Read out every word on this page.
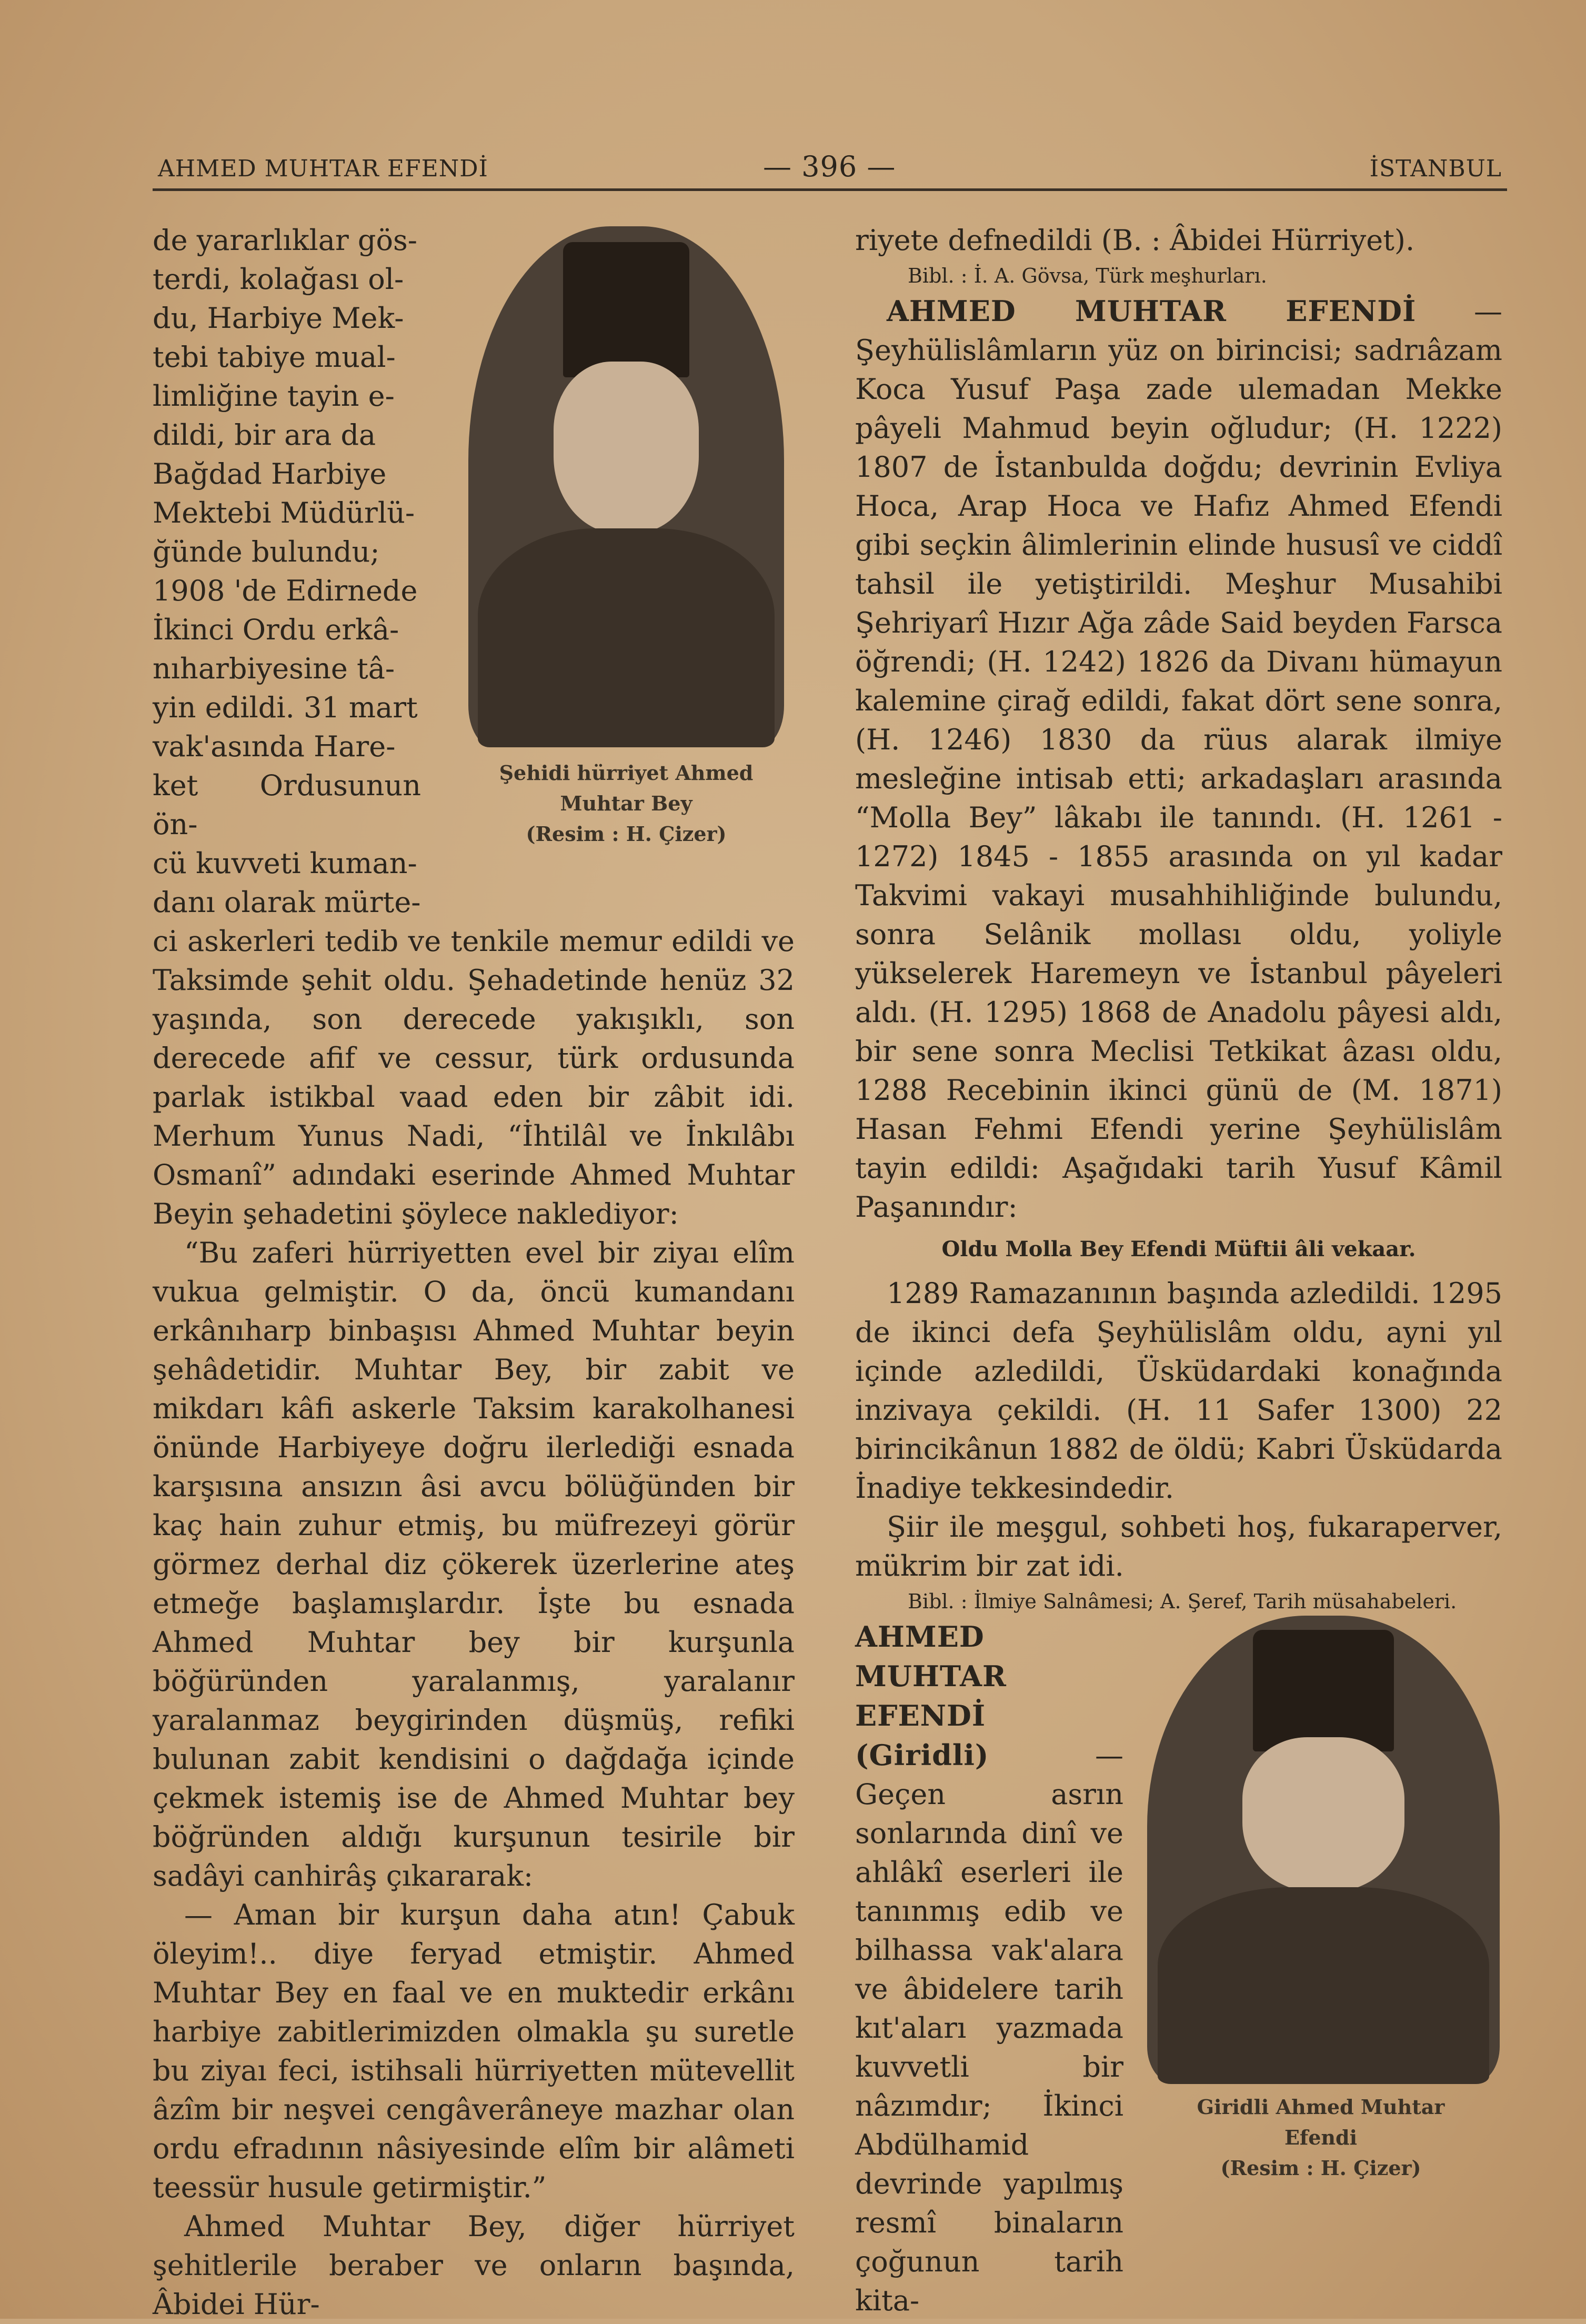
AHMED MUHTAR EFENDİ	— 396 —	İSTANBUL

de yararlıklar gös-

terdi, kolağası ol-

du, Harbiye Mek-

tebi tabiye mual-

limliğine tayin e-

dildi, bir ara da

Bağdad Harbiye

Mektebi Müdürlü-

ğünde bulundu;

1908 'de Edirnede

İkinci Ordu erkâ-

nıharbiyesine tâ-

yin edildi. 31 mart

vak'asında Hare-

ket Ordusunun ön-

cü kuvveti kuman-

danı olarak mürte-

ci askerleri tedib ve tenkile memur edildi ve Taksimde şehit oldu. Şehadetinde henüz 32 yaşında, son derecede yakışıklı, son derecede afif ve cessur, türk ordusunda parlak istikbal vaad eden bir zâbit idi. Merhum Yunus Nadi, “İhtilâl ve İnkılâbı Osmanî” adındaki eserinde Ahmed Muhtar Beyin şehadetini şöylece naklediyor:

“Bu zaferi hürriyetten evel bir ziyaı elîm vukua gelmiştir. O da, öncü kumandanı erkânıharp binbaşısı Ahmed Muhtar beyin şehâdetidir. Muhtar Bey, bir zabit ve mikdarı kâfi askerle Taksim karakolhanesi önünde Harbiyeye doğru ilerlediği esnada karşısına ansızın âsi avcu bölüğünden bir kaç hain zuhur etmiş, bu müfrezeyi görür görmez derhal diz çökerek üzerlerine ateş etmeğe başlamışlardır. İşte bu esnada Ahmed Muhtar bey bir kurşunla böğüründen yaralanmış, yaralanır yaralanmaz beygirinden düşmüş, refiki bulunan zabit kendisini o dağdağa içinde çekmek istemiş ise de Ahmed Muhtar bey böğründen aldığı kurşunun tesirile bir sadâyi canhirâş çıkararak:

— Aman bir kurşun daha atın! Çabuk öleyim!.. diye feryad etmiştir. Ahmed Muhtar Bey en faal ve en muktedir erkânı harbiye zabitlerimizden olmakla şu suretle bu ziyaı feci, istihsali hürriyetten mütevellit âzîm bir neşvei cengâverâneye mazhar olan ordu efradının nâsiyesinde elîm bir alâmeti teessür husule getirmiştir.”

Ahmed Muhtar Bey, diğer hürriyet şehitlerile beraber ve onların başında, Âbidei Hür-

Şehidi hürriyet Ahmed
Muhtar Bey
(Resim : H. Çizer)

riyete defnedildi (B. : Âbidei Hürriyet).

Bibl. : İ. A. Gövsa, Türk meşhurları.

AHMED MUHTAR EFENDİ — Şeyhülislâmların yüz on birincisi; sadrıâzam Koca Yusuf Paşa zade ulemadan Mekke pâyeli Mahmud beyin oğludur; (H. 1222) 1807 de İstanbulda doğdu; devrinin Evliya Hoca, Arap Hoca ve Hafız Ahmed Efendi gibi seçkin âlimlerinin elinde hususî ve ciddî tahsil ile yetiştirildi. Meşhur Musahibi Şehriyarî Hızır Ağa zâde Said beyden Farsca öğrendi; (H. 1242) 1826 da Divanı hümayun kalemine çirağ edildi, fakat dört sene sonra, (H. 1246) 1830 da rüus alarak ilmiye mesleğine intisab etti; arkadaşları arasında “Molla Bey” lâkabı ile tanındı. (H. 1261 - 1272) 1845 - 1855 arasında on yıl kadar Takvimi vakayi musahhihliğinde bulundu, sonra Selânik mollası oldu, yoliyle yükselerek Haremeyn ve İstanbul pâyeleri aldı. (H. 1295) 1868 de Anadolu pâyesi aldı, bir sene sonra Meclisi Tetkikat âzası oldu, 1288 Recebinin ikinci günü de (M. 1871) Hasan Fehmi Efendi yerine Şeyhülislâm tayin edildi: Aşağıdaki tarih Yusuf Kâmil Paşanındır:

Oldu Molla Bey Efendi Müftii âli vekaar.

1289 Ramazanının başında azledildi. 1295 de ikinci defa Şeyhülislâm oldu, ayni yıl içinde azledildi, Üsküdardaki konağında inzivaya çekildi. (H. 11 Safer 1300) 22 birincikânun 1882 de öldü; Kabri Üsküdarda İnadiye tekkesindedir.

Şiir ile meşgul, sohbeti hoş, fukaraperver, mükrim bir zat idi.

Bibl. : İlmiye Salnâmesi; A. Şeref, Tarih müsahabeleri.

AHMED MUHTAR EFENDİ (Giridli) — Geçen asrın sonlarında dinî ve ahlâkî eserleri ile tanınmış edib ve bilhassa vak'alara ve âbidelere tarih kıt'aları yazmada kuvvetli bir nâzımdır; İkinci Abdülhamid devrinde yapılmış resmî binaların çoğunun tarih kita-

Giridli Ahmed Muhtar
Efendi
(Resim : H. Çizer)
